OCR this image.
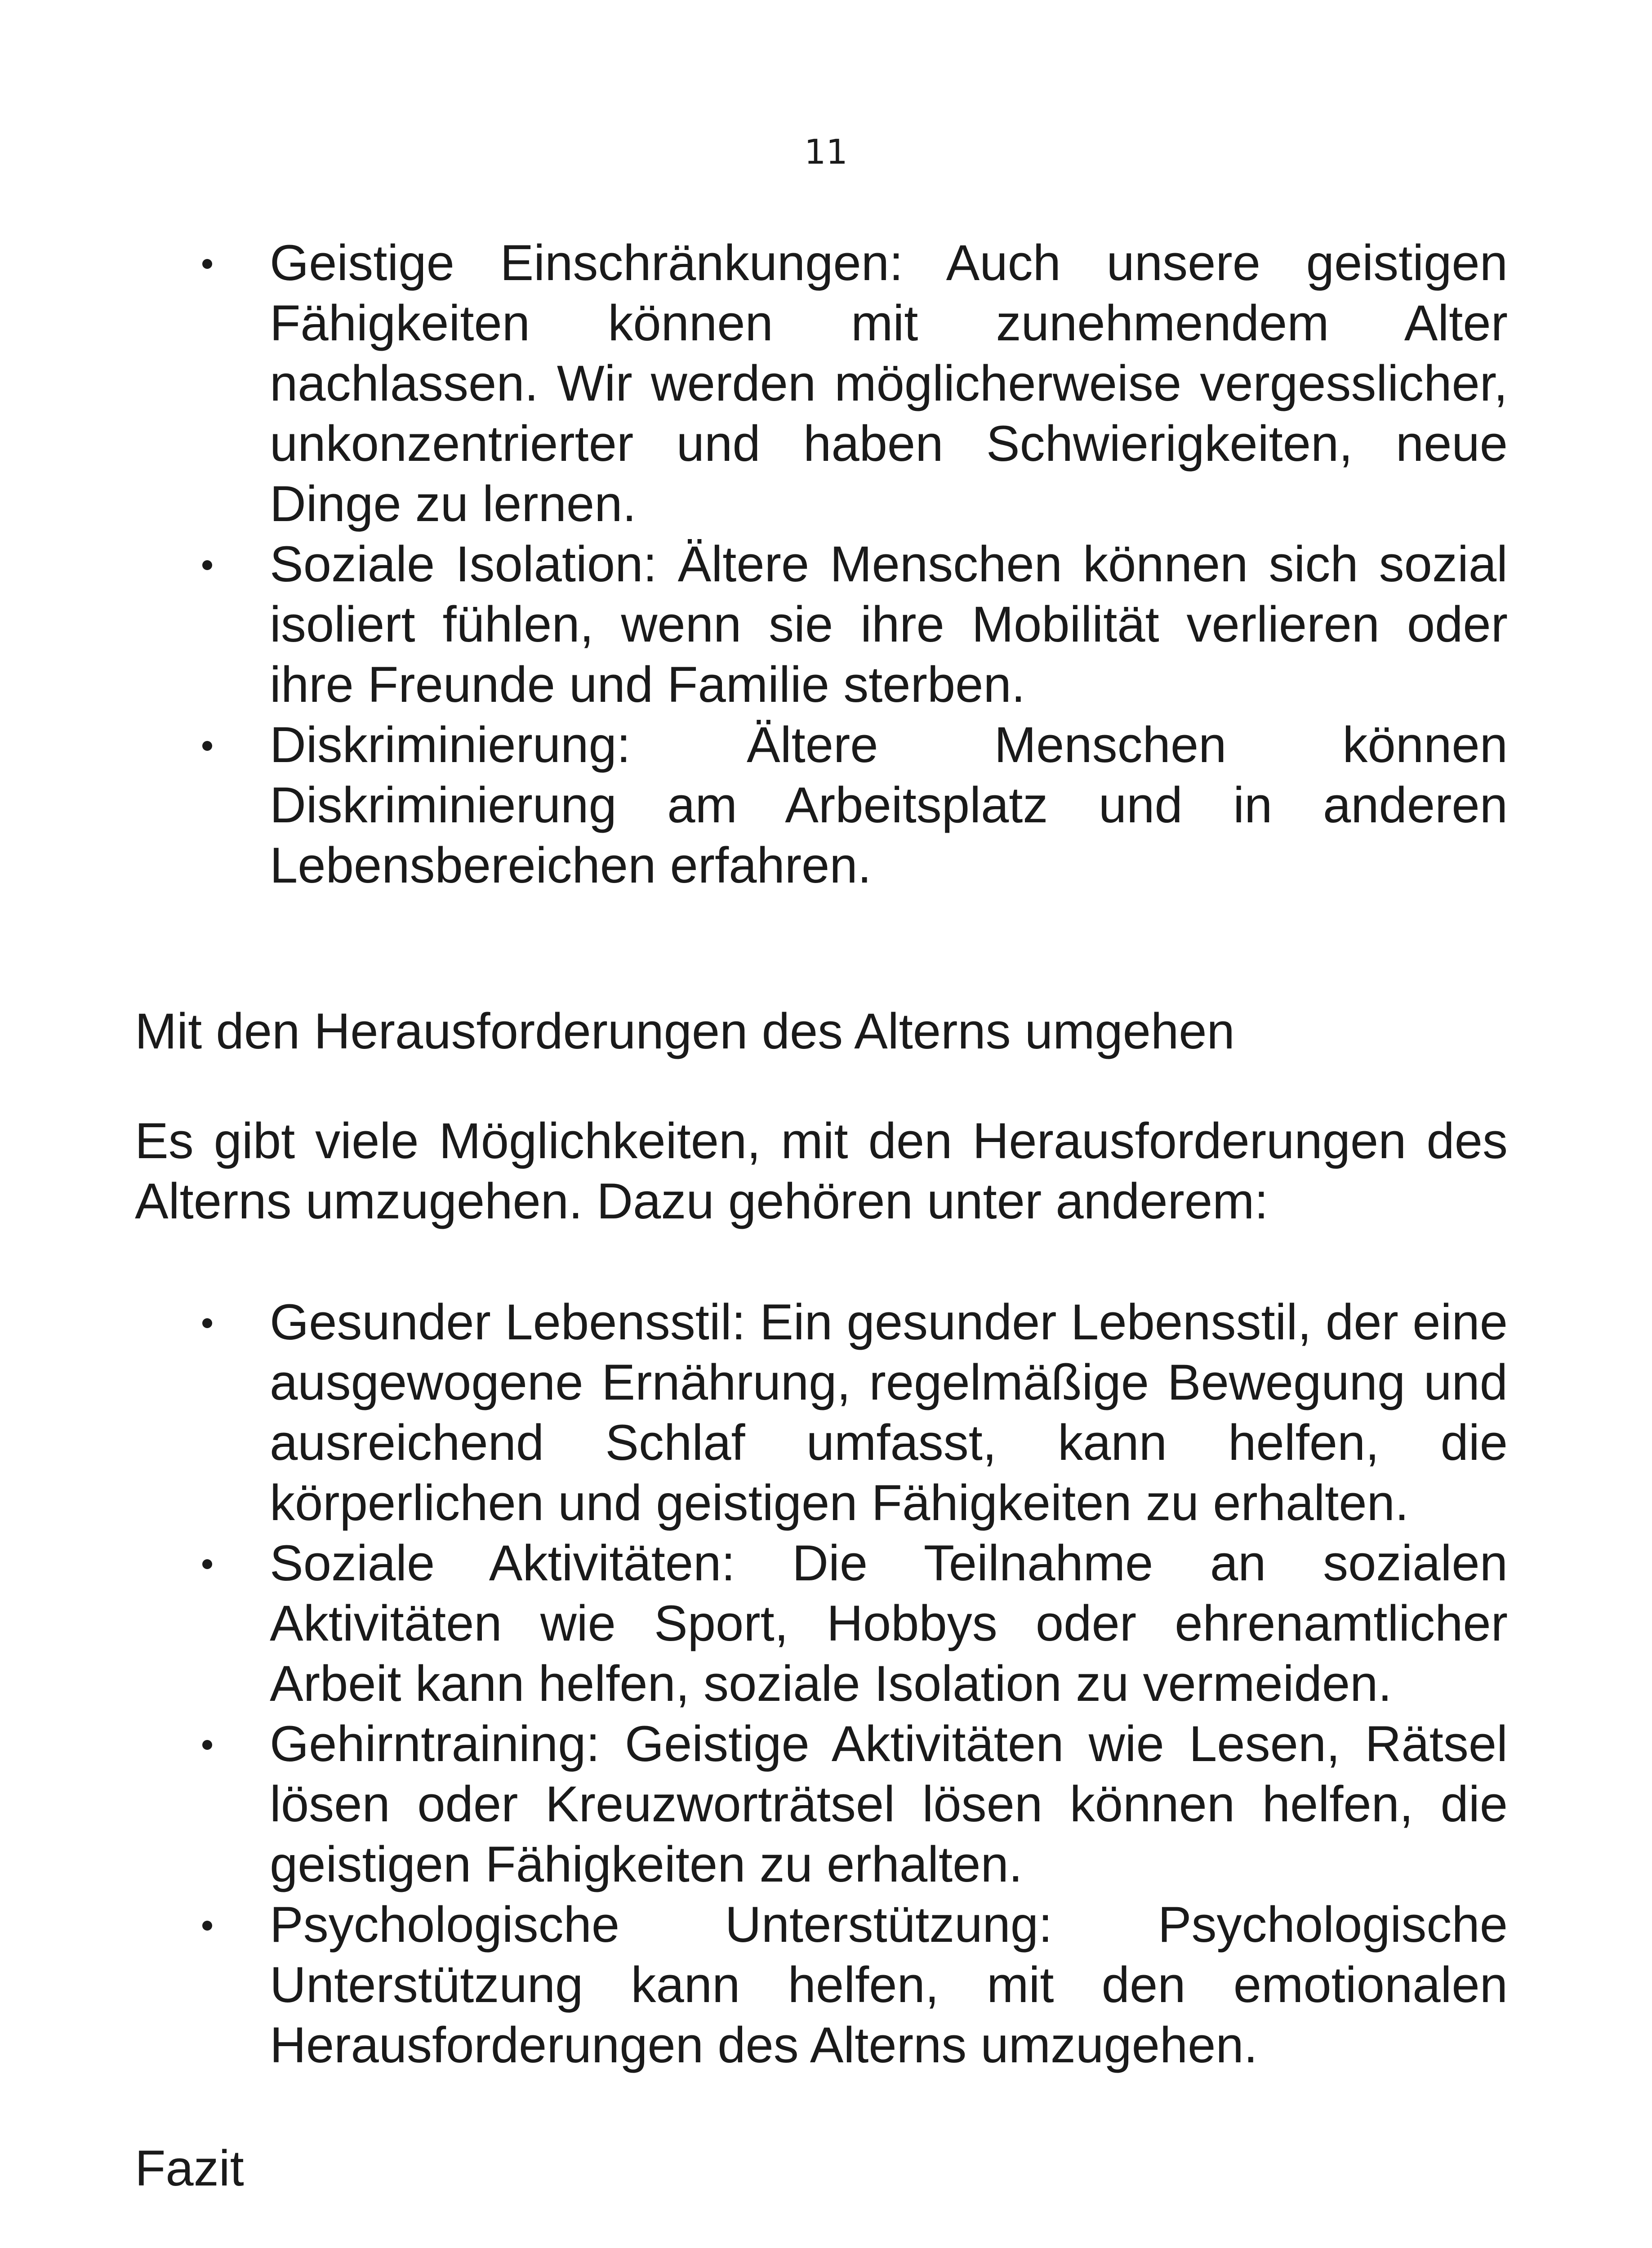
11
Geistige Einschränkungen: Auch unsere geistigen Fähigkeiten können mit zunehmendem Alter nachlassen. Wir werden möglicherweise vergesslicher, unkonzentrierter und haben Schwierigkeiten, neue Dinge zu lernen.
Soziale Isolation: Ältere Menschen können sich sozial isoliert fühlen, wenn sie ihre Mobilität verlieren oder ihre Freunde und Familie sterben.
Diskriminierung: Ältere Menschen können Diskriminierung am Arbeitsplatz und in anderen Lebensbereichen erfahren.

Mit den Herausforderungen des Alterns umgehen

Es gibt viele Möglichkeiten, mit den Herausforderungen des Alterns umzugehen. Dazu gehören unter anderem:

Gesunder Lebensstil: Ein gesunder Lebensstil, der eine ausgewogene Ernährung, regelmäßige Bewegung und ausreichend Schlaf umfasst, kann helfen, die körperlichen und geistigen Fähigkeiten zu erhalten.
Soziale Aktivitäten: Die Teilnahme an sozialen Aktivitäten wie Sport, Hobbys oder ehrenamtlicher Arbeit kann helfen, soziale Isolation zu vermeiden.
Gehirntraining: Geistige Aktivitäten wie Lesen, Rätsel lösen oder Kreuzworträtsel lösen können helfen, die geistigen Fähigkeiten zu erhalten.
Psychologische Unterstützung: Psychologische Unterstützung kann helfen, mit den emotionalen Herausforderungen des Alterns umzugehen.

Fazit
